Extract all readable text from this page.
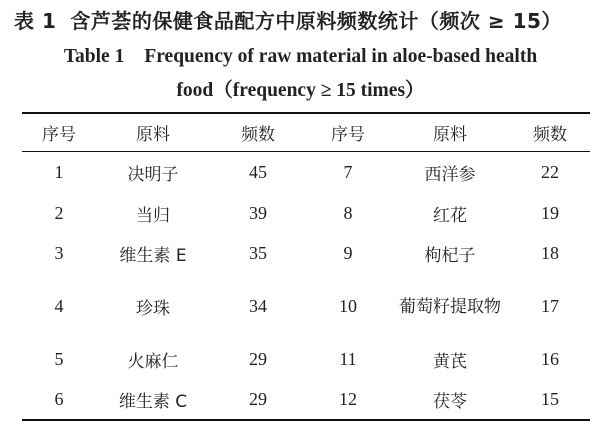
表 1 含芦荟的保健食品配方中原料频数统计（频次 ≥ 15）
Table 1 Frequency of raw material in aloe-based health
food（frequency ≥ 15 times）
序号	原料	频数	序号	原料	频数
1	决明子	45	7	西洋参	22
2	当归	39	8	红花	19
3	维生素 E	35	9	枸杞子	18
4	珍珠	34	10	葡萄籽提取物	17
5	火麻仁	29	11	黄芪	16
6	维生素 C	29	12	茯苓	15
